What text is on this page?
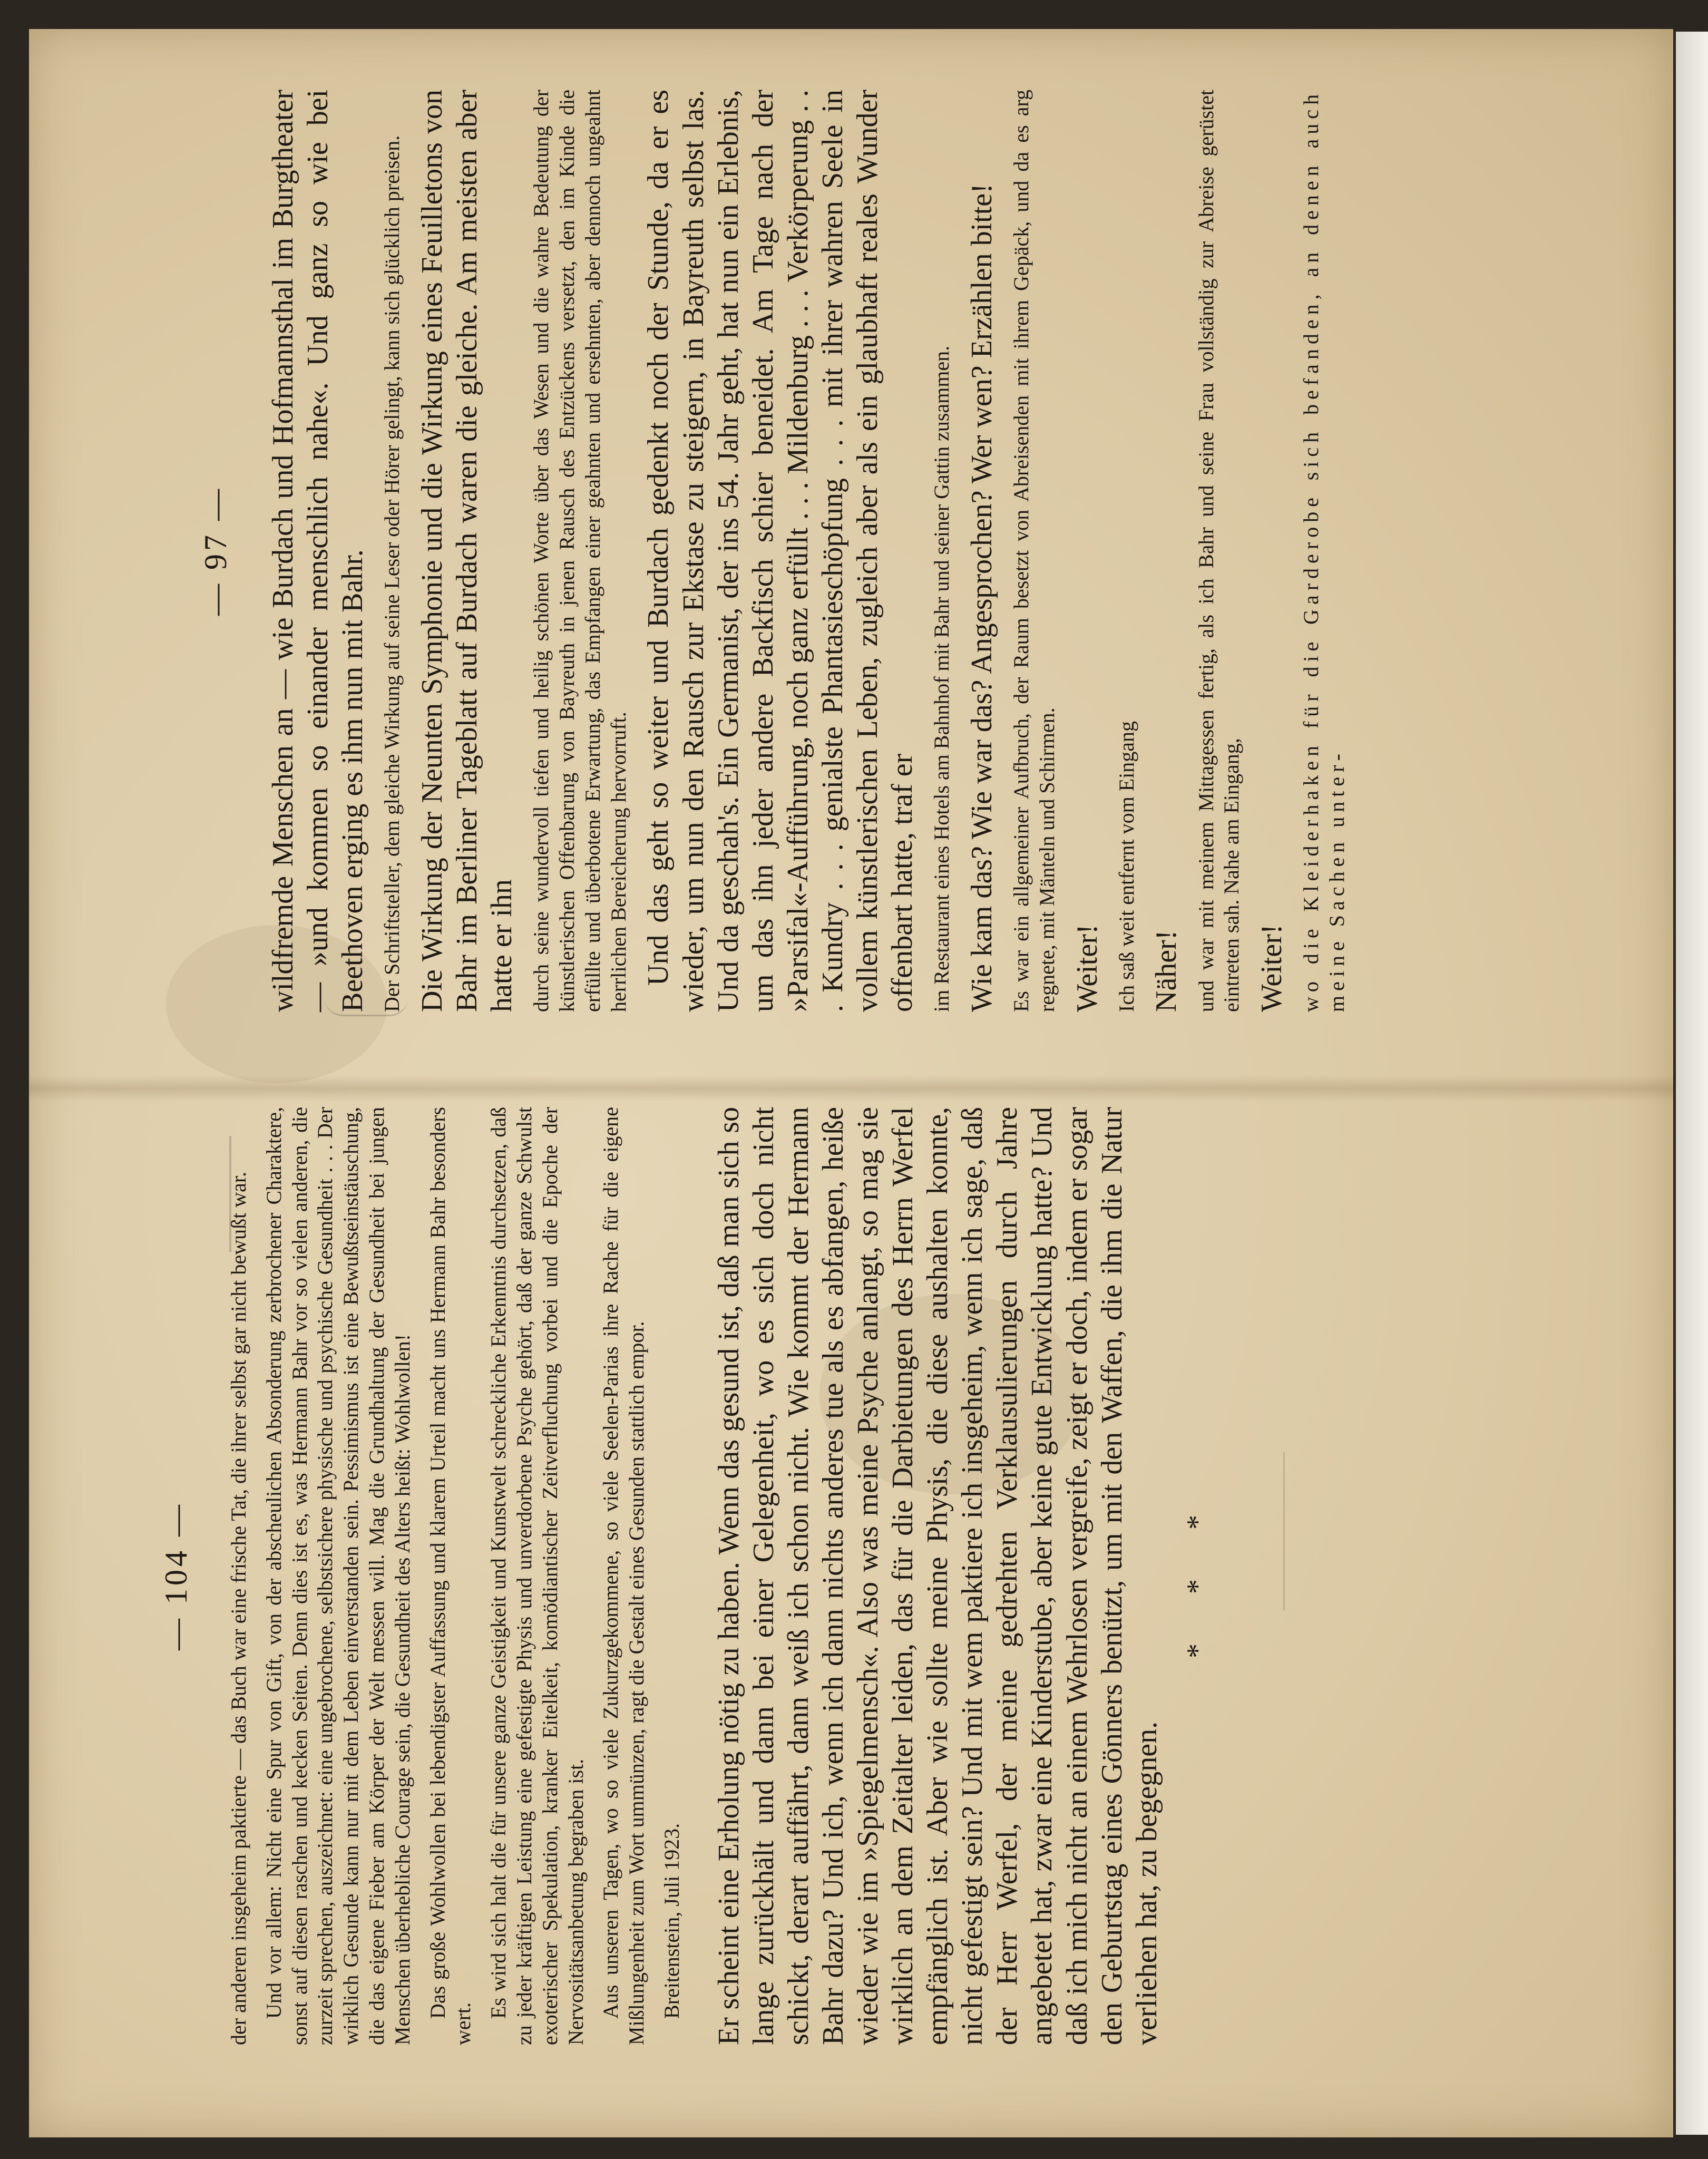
— 97 — wildfremde Menschen an — wie Burdach und Hofmannsthal im Burgtheater — »und kommen so einander menschlich nahe«. Und ganz so wie bei Beethoven erging es ihm nun mit Bahr. Der Schriftsteller, dem gleiche Wirkung auf seine Leser oder Hörer gelingt, kann sich glücklich preisen. Die Wirkung der Neunten Symphonie und die Wirkung eines Feuilletons von Bahr im Berliner Tageblatt auf Burdach waren die gleiche. Am meisten aber hatte er ihn durch seine wundervoll tiefen und heilig schönen Worte über das Wesen und die wahre Bedeutung der künstlerischen Offenbarung von Bayreuth in jenen Rausch des Entzückens versetzt, den im Kinde die erfüllte und überbotene Erwartung, das Empfangen einer geahnten und ersehnten, aber dennoch ungeahnt herrlichen Bereicherung hervorruft. Und das geht so weiter und Burdach gedenkt noch der Stunde, da er es wieder, um nun den Rausch zur Ekstase zu steigern, in Bayreuth selbst las. Und da geschah's. Ein Germanist, der ins 54. Jahr geht, hat nun ein Erlebnis, um das ihn jeder andere Backfisch schier beneidet. Am Tage nach der »Parsifal«-Aufführung, noch ganz erfüllt . . . Mildenburg . . . Verkörperung . . . Kundry . . . genialste Phantasieschöpfung . . . mit ihrer wahren Seele in vollem künstlerischen Leben, zugleich aber als ein glaubhaft reales Wunder offenbart hatte, traf er im Restaurant eines Hotels am Bahnhof mit Bahr und seiner Gattin zusammen. Wie kam das? Wie war das? Angesprochen? Wer wen? Erzählen bitte! Es war ein allgemeiner Aufbruch, der Raum besetzt von Abreisenden mit ihrem Gepäck, und da es arg regnete, mit Mänteln und Schirmen. Weiter! Ich saß weit entfernt vom Eingang Näher! und war mit meinem Mittagessen fertig, als ich Bahr und seine Frau vollständig zur Abreise gerüstet eintreten sah. Nahe am Eingang, Weiter! wo die Kleiderhaken für die Garderobe sich befanden, an denen auch meine Sachen unter-

— 104 — der anderen insgeheim paktierte — das Buch war eine frische Tat, die ihrer selbst gar nicht bewußt war. Und vor allem: Nicht eine Spur von Gift, von der abscheulichen Absonderung zerbrochener Charaktere, sonst auf diesen raschen und kecken Seiten. Denn dies ist es, was Hermann Bahr vor so vielen anderen, die zurzeit sprechen, auszeichnet: eine ungebrochene, selbstsichere physische und psychische Gesundheit . . . Der wirklich Gesunde kann nur mit dem Leben einverstanden sein. Pessimismus ist eine Bewußtseinstäuschung, die das eigene Fieber am Körper der Welt messen will. Mag die Grundhaltung der Gesundheit bei jungen Menschen überhebliche Courage sein, die Gesundheit des Alters heißt: Wohlwollen! Das große Wohlwollen bei lebendigster Auffassung und klarem Urteil macht uns Hermann Bahr besonders wert.

Es wird sich halt die für unsere ganze Geistigkeit und Kunstwelt schreckliche Erkenntnis durchsetzen, daß zu jeder kräftigen Leistung eine gefestigte Physis und unverdorbene Psyche gehört, daß der ganze Schwulst exoterischer Spekulation, kranker Eitelkeit, komödiantischer Zeitverfluchung vorbei und die Epoche der Nervositätsanbetung begraben ist. Aus unseren Tagen, wo so viele Zukurzgekommene, so viele Seelen-Parias ihre Rache für die eigene Mißlungenheit zum Wort ummünzen, ragt die Gestalt eines Gesunden stattlich empor. Breitenstein, Juli 1923. Er scheint eine Erholung nötig zu haben. Wenn das gesund ist, daß man sich so lange zurückhält und dann bei einer Gelegenheit, wo es sich doch nicht schickt, derart auffährt, dann weiß ich schon nicht. Wie kommt der Hermann Bahr dazu? Und ich, wenn ich dann nichts anderes tue als es abfangen, heiße wieder wie im »Spiegelmensch«. Also was meine Psyche anlangt, so mag sie wirklich an dem Zeitalter leiden, das für die Darbietungen des Herrn Werfel empfänglich ist. Aber wie sollte meine Physis, die diese aushalten konnte, nicht gefestigt sein? Und mit wem paktiere ich insgeheim, wenn ich sage, daß der Herr Werfel, der meine gedrehten Verklausulierungen durch Jahre angebetet hat, zwar eine Kinderstube, aber keine gute Entwicklung hatte? Und daß ich mich nicht an einem Wehrlosen vergreife, zeigt er doch, indem er sogar den Geburtstag eines Gönners benützt, um mit den Waffen, die ihm die Natur verliehen hat, zu begegnen.

* * *
